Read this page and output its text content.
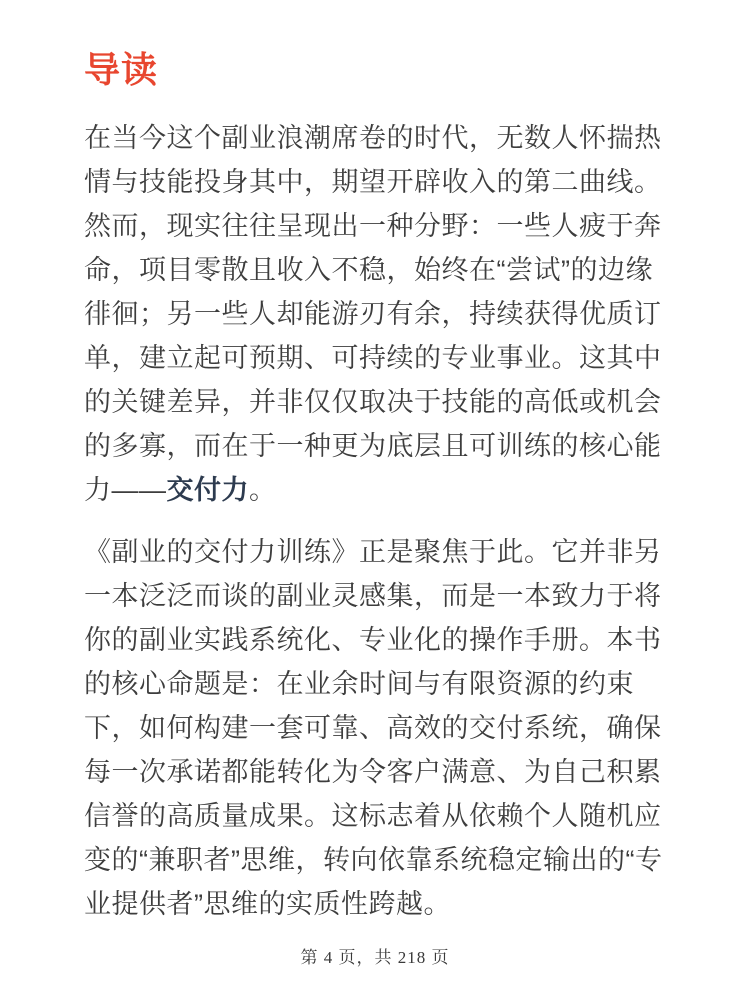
导读

在当今这个副业浪潮席卷的时代，无数人怀揣热情与技能投身其中，期望开辟收入的第二曲线。然而，现实往往呈现出一种分野：一些人疲于奔命，项目零散且收入不稳，始终在“尝试”的边缘徘徊；另一些人却能游刃有余，持续获得优质订单，建立起可预期、可持续的专业事业。这其中的关键差异，并非仅仅取决于技能的高低或机会的多寡，而在于一种更为底层且可训练的核心能力——交付力。

《副业的交付力训练》正是聚焦于此。它并非另一本泛泛而谈的副业灵感集，而是一本致力于将你的副业实践系统化、专业化的操作手册。本书的核心命题是：在业余时间与有限资源的约束下，如何构建一套可靠、高效的交付系统，确保每一次承诺都能转化为令客户满意、为自己积累信誉的高质量成果。这标志着从依赖个人随机应变的“兼职者”思维，转向依靠系统稳定输出的“专业提供者”思维的实质性跨越。

第 4 页，共 218 页
